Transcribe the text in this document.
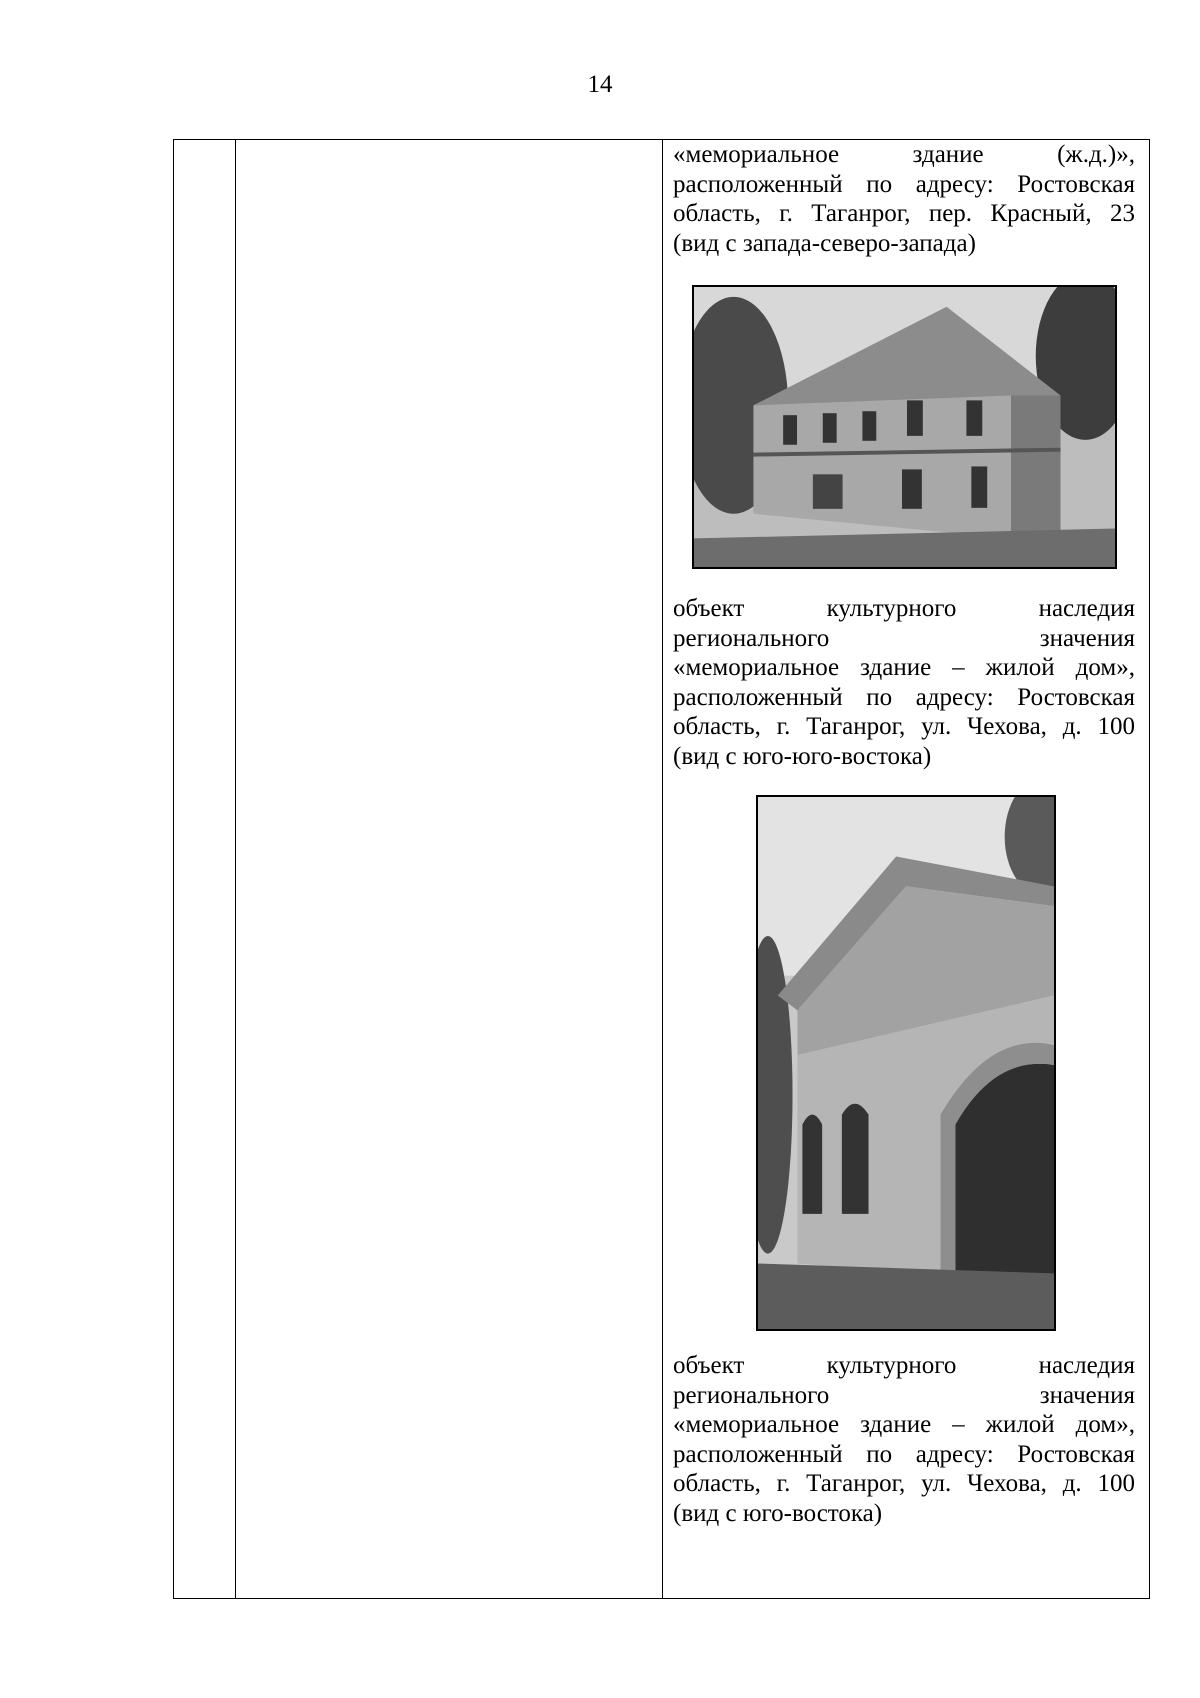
14
«мемориальное здание (ж.д.)»,
расположенный по адресу: Ростовская
область, г. Таганрог, пер. Красный, 23
(вид с запада-северо-запада)
объект культурного наследия
регионального значения
«мемориальное здание – жилой дом»,
расположенный по адресу: Ростовская
область, г. Таганрог, ул. Чехова, д. 100
(вид с юго-юго-востока)
объект культурного наследия
регионального значения
«мемориальное здание – жилой дом»,
расположенный по адресу: Ростовская
область, г. Таганрог, ул. Чехова, д. 100
(вид с юго-востока)
